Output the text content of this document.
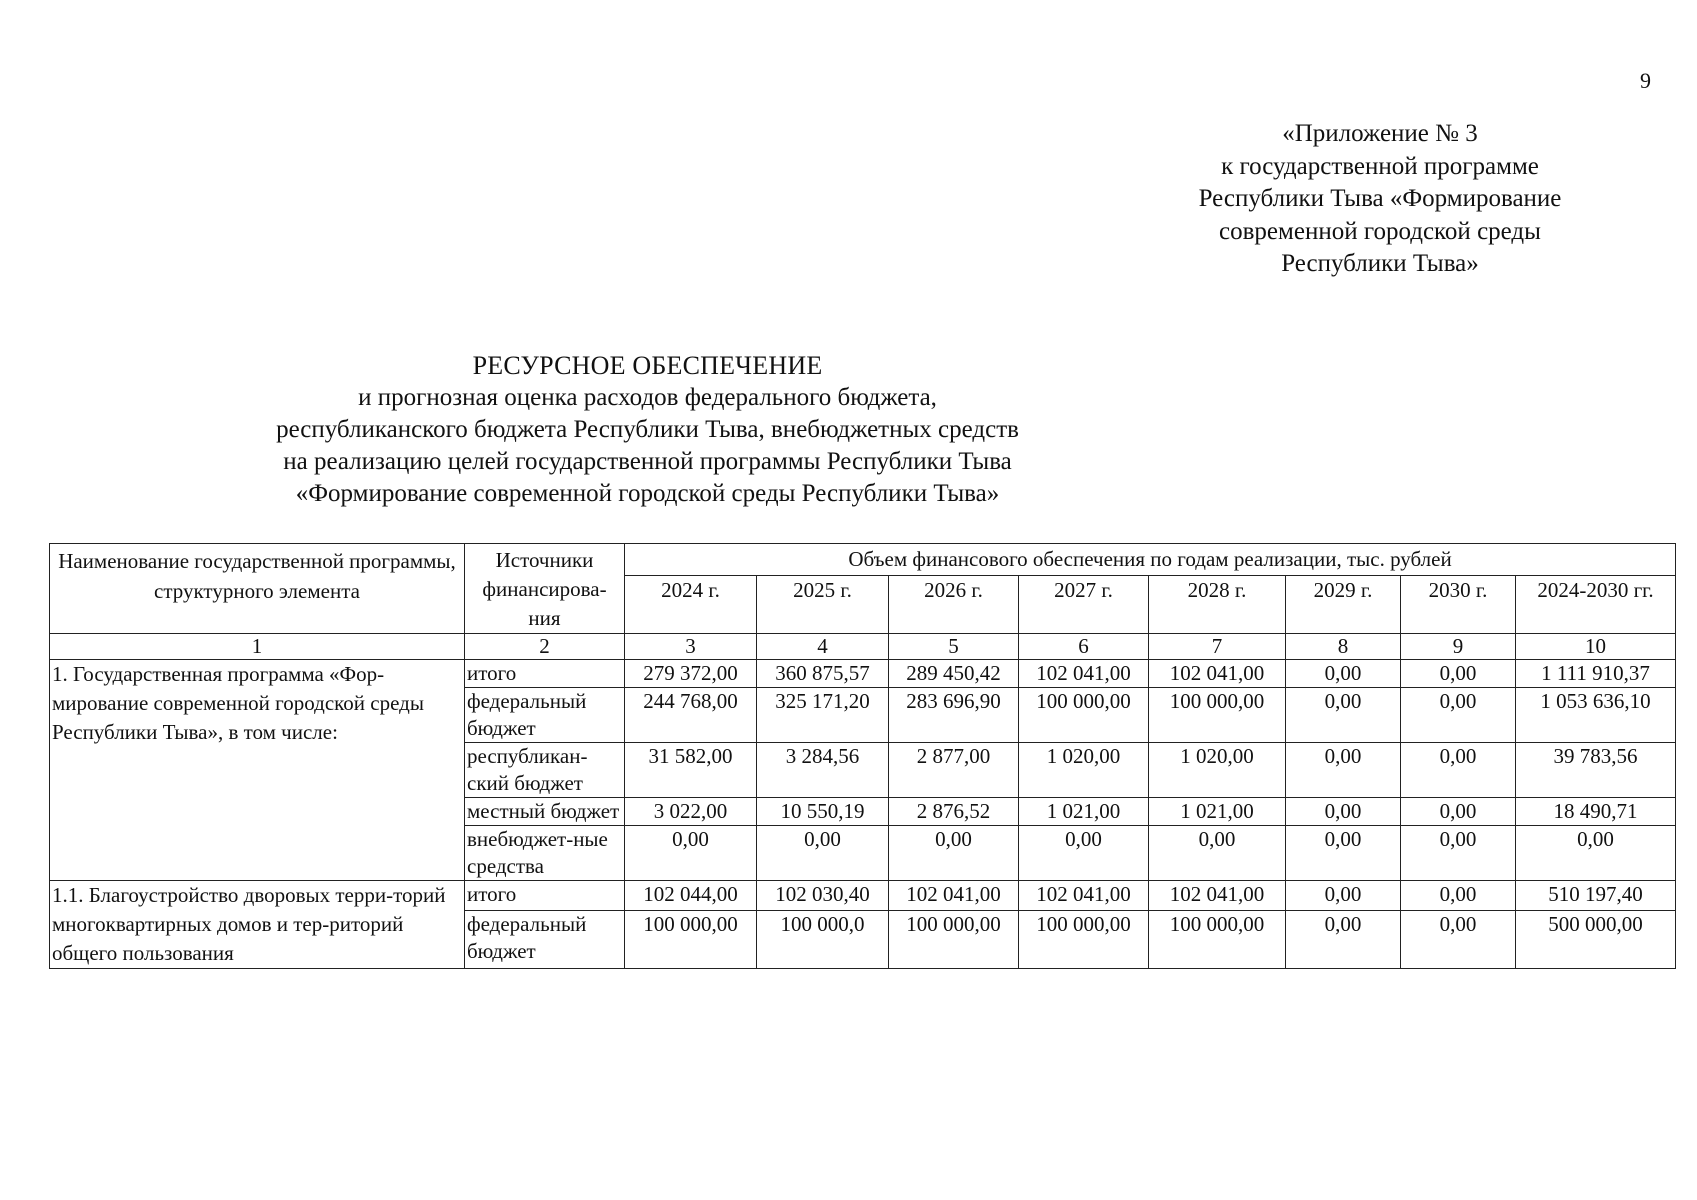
9
«Приложение № 3
к государственной программе
Республики Тыва «Формирование
современной городской среды
Республики Тыва»
РЕСУРСНОЕ ОБЕСПЕЧЕНИЕ
и прогнозная оценка расходов федерального бюджета,
республиканского бюджета Республики Тыва, внебюджетных средств
на реализацию целей государственной программы Республики Тыва
«Формирование современной городской среды Республики Тыва»
Наименование государственной программы, структурного элемента	Источники финансирова-ния	Объем финансового обеспечения по годам реализации, тыс. рублей							
		2024 г.	2025 г.	2026 г.	2027 г.	2028 г.	2029 г.	2030 г.	2024-2030 гг.
1	2	3	4	5	6	7	8	9	10
1. Государственная программа «Фор-мирование современной городской среды Республики Тыва», в том числе:	итого	279 372,00	360 875,57	289 450,42	102 041,00	102 041,00	0,00	0,00	1 111 910,37
	федеральный бюджет	244 768,00	325 171,20	283 696,90	100 000,00	100 000,00	0,00	0,00	1 053 636,10
	республикан-ский бюджет	31 582,00	3 284,56	2 877,00	1 020,00	1 020,00	0,00	0,00	39 783,56
	местный бюджет	3 022,00	10 550,19	2 876,52	1 021,00	1 021,00	0,00	0,00	18 490,71
	внебюджет-ные средства	0,00	0,00	0,00	0,00	0,00	0,00	0,00	0,00
1.1. Благоустройство дворовых терри-торий многоквартирных домов и тер-риторий общего пользования	итого	102 044,00	102 030,40	102 041,00	102 041,00	102 041,00	0,00	0,00	510 197,40
	федеральный бюджет	100 000,00	100 000,0	100 000,00	100 000,00	100 000,00	0,00	0,00	500 000,00
